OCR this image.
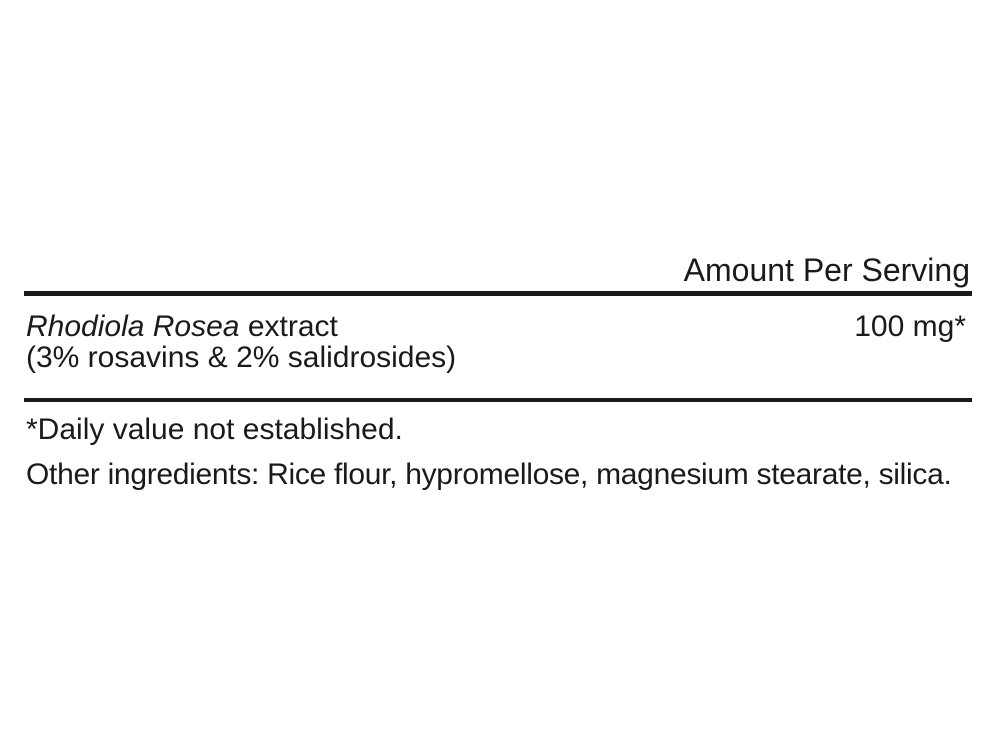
Amount Per Serving
Rhodiola Rosea extract
(3% rosavins & 2% salidrosides)
100 mg*
*Daily value not established.
Other ingredients: Rice flour, hypromellose, magnesium stearate, silica.
